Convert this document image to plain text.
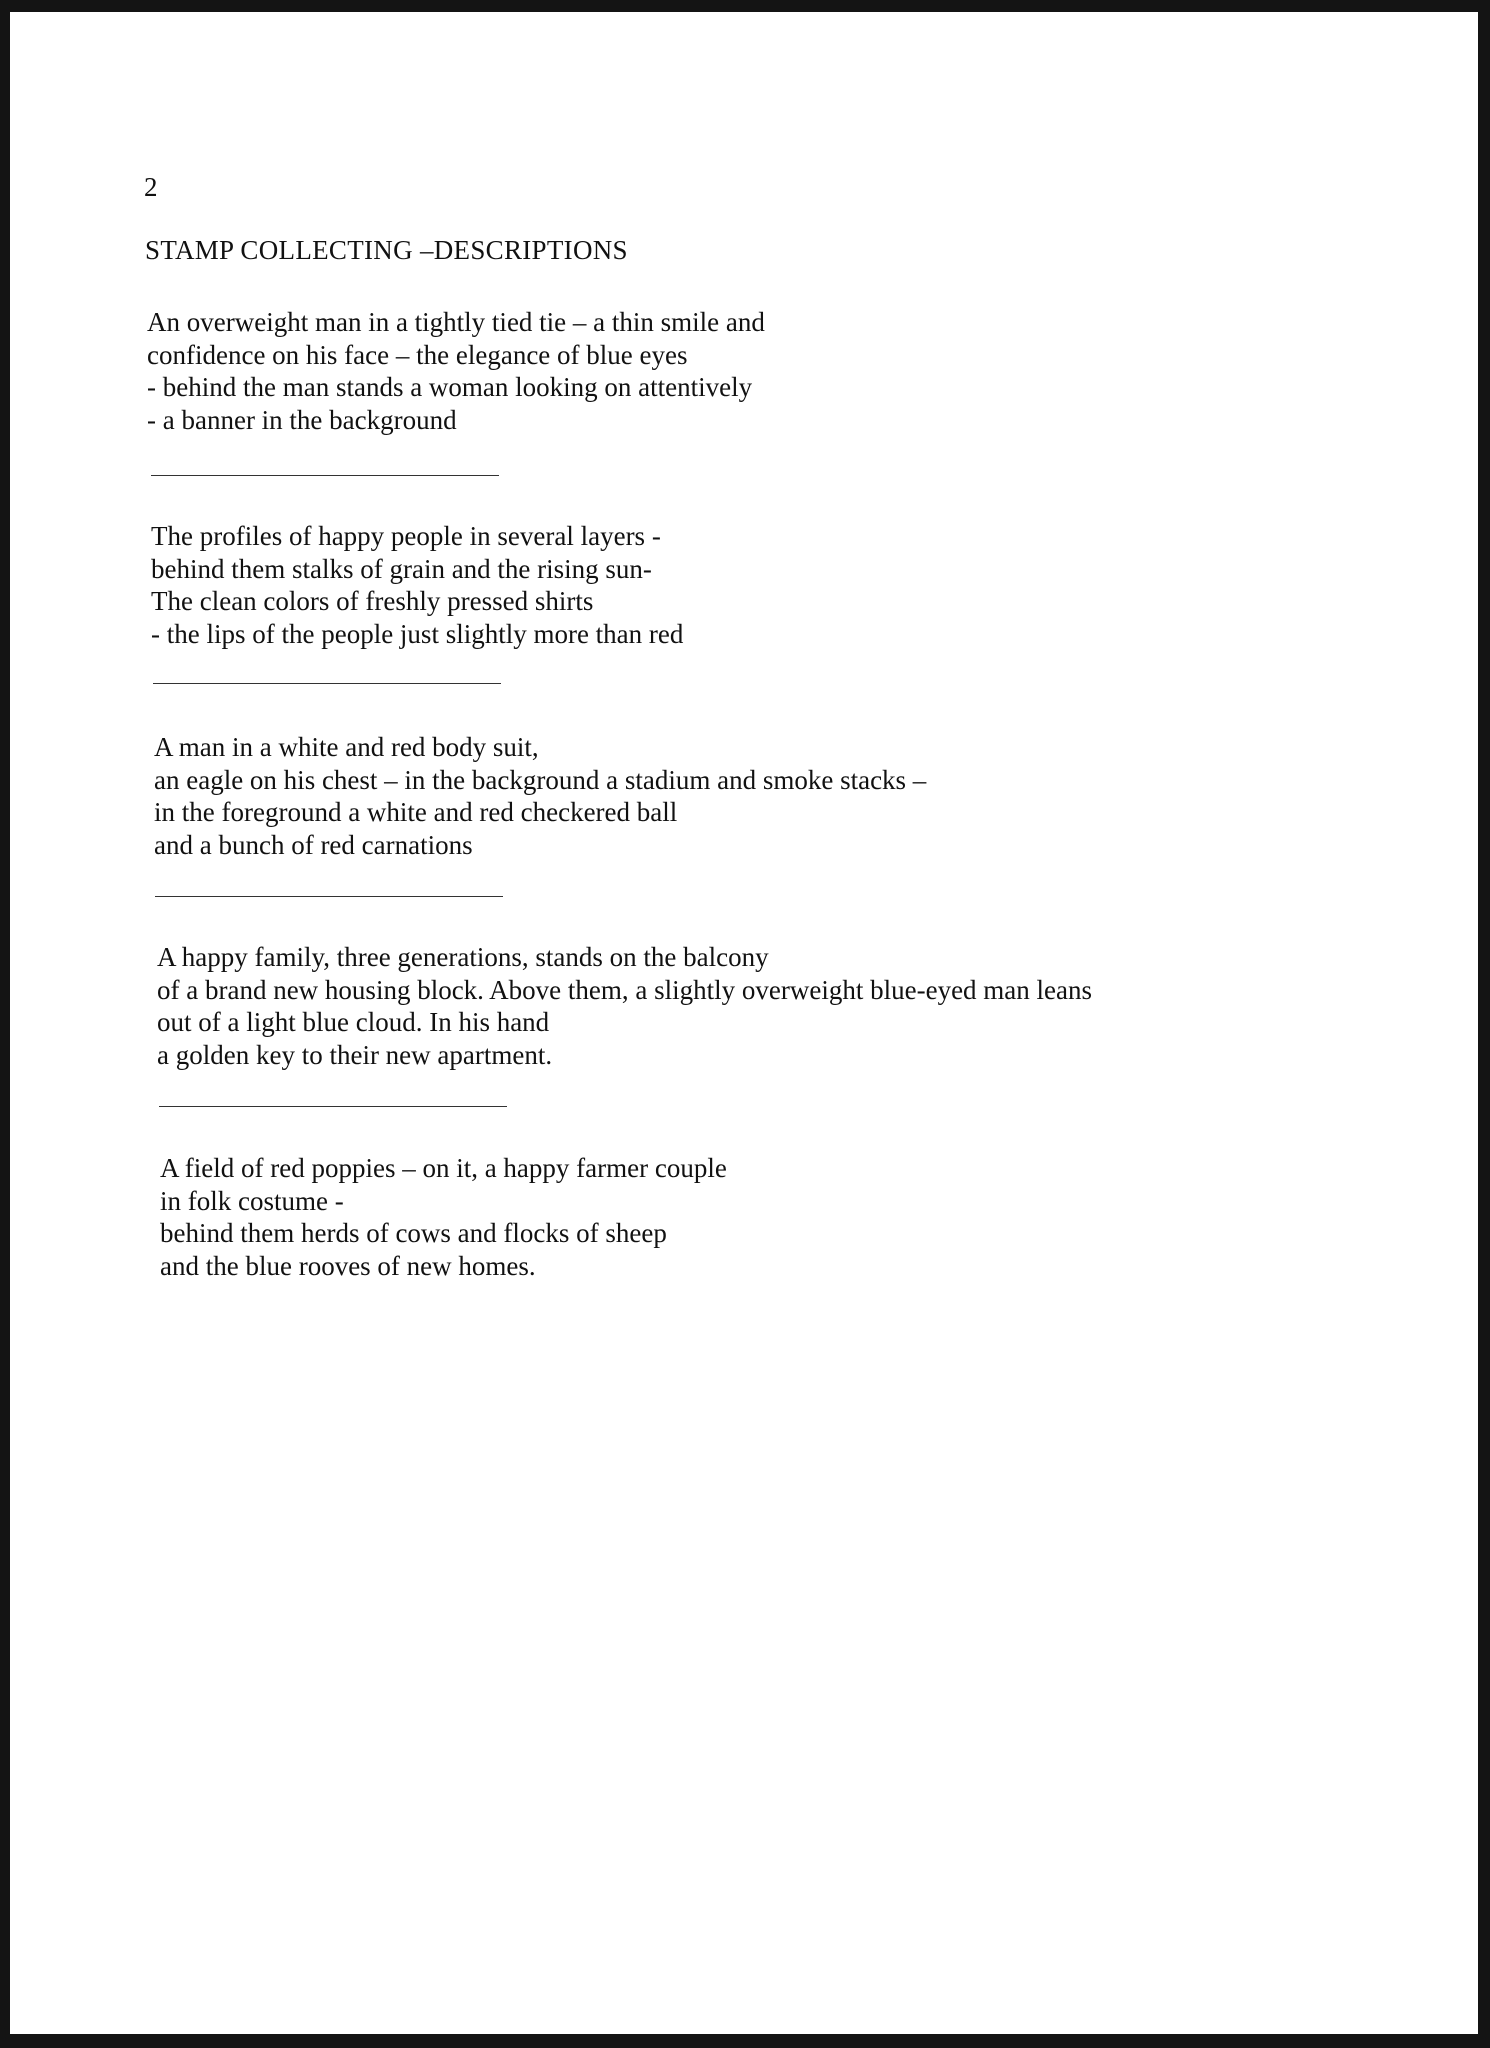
2
STAMP COLLECTING –DESCRIPTIONS
An overweight man in a tightly tied tie – a thin smile and
confidence on his face – the elegance of blue eyes
- behind the man stands a woman looking on attentively
- a banner in the background
The profiles of happy people in several layers -
behind them stalks of grain and the rising sun-
The clean colors of freshly pressed shirts
- the lips of the people just slightly more than red
A man in a white and red body suit,
an eagle on his chest – in the background a stadium and smoke stacks –
in the foreground a white and red checkered ball
and a bunch of red carnations
A happy family, three generations, stands on the balcony
of a brand new housing block. Above them, a slightly overweight blue-eyed man leans
out of a light blue cloud. In his hand
a golden key to their new apartment.
A field of red poppies – on it, a happy farmer couple
in folk costume -
behind them herds of cows and flocks of sheep
and the blue rooves of new homes.
